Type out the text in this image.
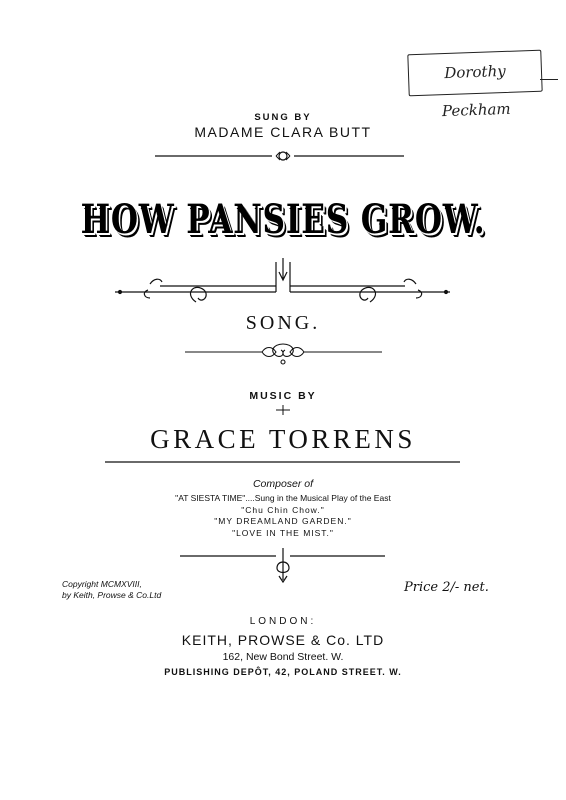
Dorothy Peckham
SUNG BY
MADAME CLARA BUTT
HOW PANSIES GROW.
SONG.
MUSIC BY
GRACE TORRENS
Composer of
"AT SIESTA TIME"....Sung in the Musical Play of the East
"Chu Chin Chow."
"MY DREAMLAND GARDEN."
"LOVE IN THE MIST."
Copyright MCMXVIII,
by Keith, Prowse & Co.Ltd	Price 2/- net.
LONDON:
KEITH, PROWSE & Co. LTD
162, New Bond Street. W.
PUBLISHING DEPÔT, 42, POLAND STREET. W.
